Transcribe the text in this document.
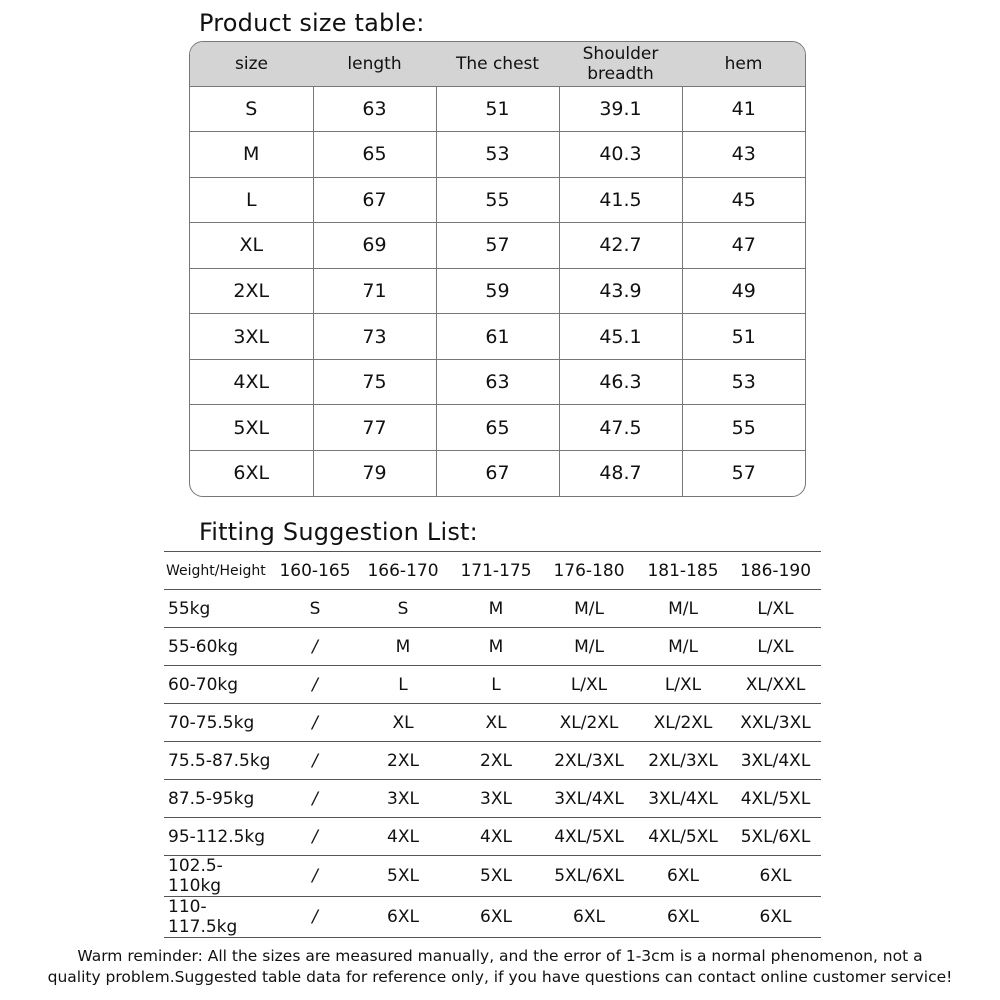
Product size table:
size	length	The chest	Shoulder breadth	hem
S	63	51	39.1	41
M	65	53	40.3	43
L	67	55	41.5	45
XL	69	57	42.7	47
2XL	71	59	43.9	49
3XL	73	61	45.1	51
4XL	75	63	46.3	53
5XL	77	65	47.5	55
6XL	79	67	48.7	57
Fitting Suggestion List:
Weight/Height	160-165	166-170	171-175	176-180	181-185	186-190
55kg	S	S	M	M/L	M/L	L/XL
55-60kg	/	M	M	M/L	M/L	L/XL
60-70kg	/	L	L	L/XL	L/XL	XL/XXL
70-75.5kg	/	XL	XL	XL/2XL	XL/2XL	XXL/3XL
75.5-87.5kg	/	2XL	2XL	2XL/3XL	2XL/3XL	3XL/4XL
87.5-95kg	/	3XL	3XL	3XL/4XL	3XL/4XL	4XL/5XL
95-112.5kg	/	4XL	4XL	4XL/5XL	4XL/5XL	5XL/6XL
102.5-110kg	/	5XL	5XL	5XL/6XL	6XL	6XL
110-117.5kg	/	6XL	6XL	6XL	6XL	6XL
Warm reminder: All the sizes are measured manually, and the error of 1-3cm is a normal phenomenon, not a
quality problem.Suggested table data for reference only, if you have questions can contact online customer service!
